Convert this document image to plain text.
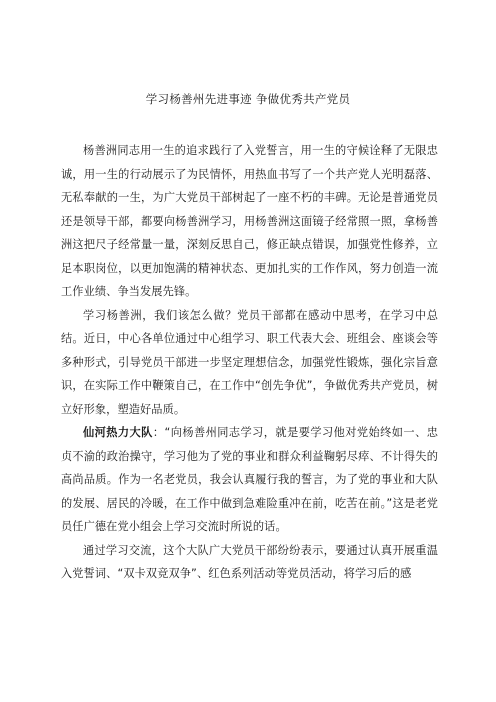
学习杨善州先进事迹 争做优秀共产党员

杨善洲同志用一生的追求践行了入党誓言，用一生的守候诠释了无限忠诚，用一生的行动展示了为民情怀，用热血书写了一个共产党人光明磊落、无私奉献的一生，为广大党员干部树起了一座不朽的丰碑。无论是普通党员还是领导干部，都要向杨善洲学习，用杨善洲这面镜子经常照一照，拿杨善洲这把尺子经常量一量，深刻反思自己，修正缺点错误，加强党性修养，立足本职岗位，以更加饱满的精神状态、更加扎实的工作作风，努力创造一流工作业绩、争当发展先锋。

学习杨善洲，我们该怎么做？党员干部都在感动中思考，在学习中总结。近日，中心各单位通过中心组学习、职工代表大会、班组会、座谈会等多种形式，引导党员干部进一步坚定理想信念，加强党性锻炼，强化宗旨意识，在实际工作中鞭策自己，在工作中“创先争优”，争做优秀共产党员，树立好形象，塑造好品质。

仙河热力大队：“向杨善州同志学习，就是要学习他对党始终如一、忠贞不渝的政治操守，学习他为了党的事业和群众利益鞠躬尽瘁、不计得失的高尚品质。作为一名老党员，我会认真履行我的誓言，为了党的事业和大队的发展、居民的冷暖，在工作中做到急难险重冲在前，吃苦在前。”这是老党员任广德在党小组会上学习交流时所说的话。

通过学习交流，这个大队广大党员干部纷纷表示，要通过认真开展重温入党誓词、“双卡双竞双争”、红色系列活动等党员活动，将学习后的感
